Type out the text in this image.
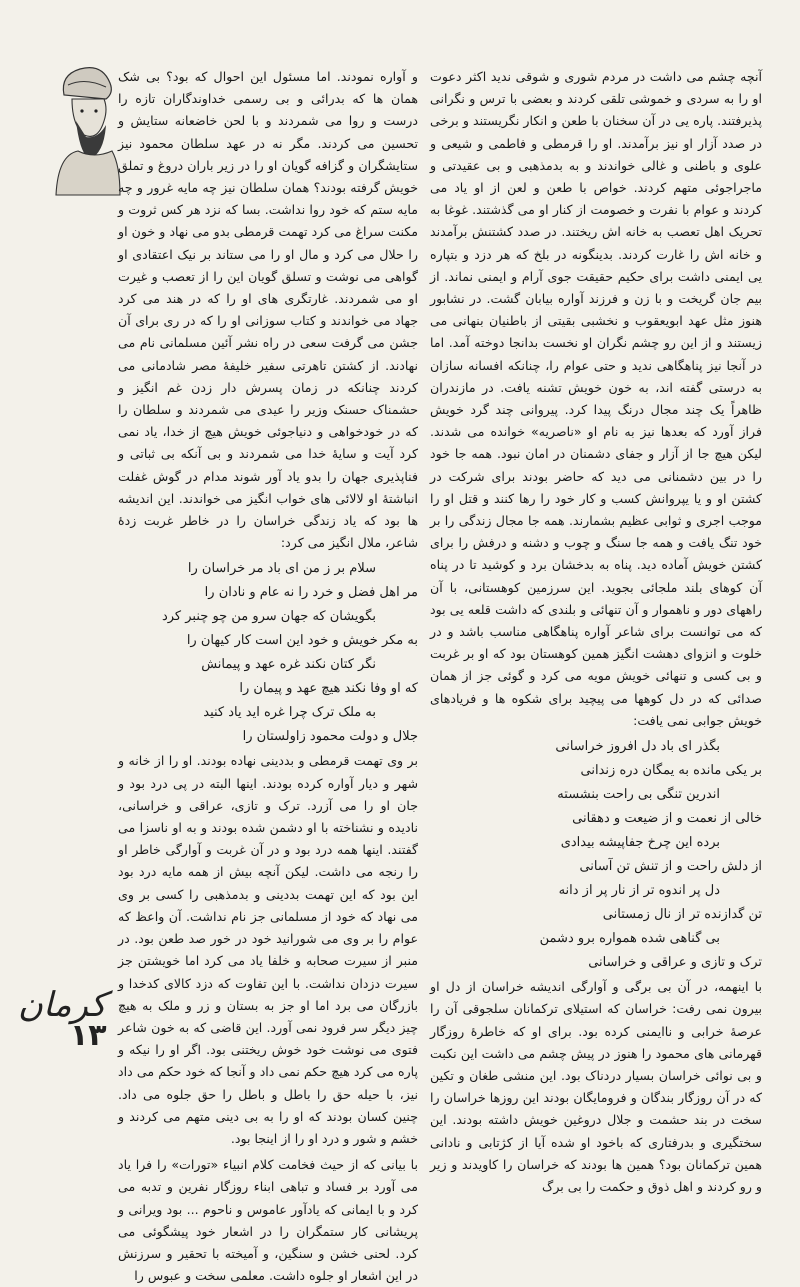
آنچه چشم می داشت در مردم شوری و شوقی ندید اکثر دعوت او را به سردی و خموشی تلقی کردند و بعضی با ترس و نگرانی پذیرفتند. پاره یی در آن سخنان با طعن و انکار نگریستند و برخی در صدد آزار او نیز برآمدند. او را قرمطی و فاطمی و شیعی و علوی و باطنی و غالی خواندند و به بدمذهبی و بی عقیدتی و ماجراجوئی متهم کردند. خواص با طعن و لعن از او یاد می کردند و عوام با نفرت و خصومت از کنار او می گذشتند. غوغا به تحریک اهل تعصب به خانه اش ریختند. در صدد کشتنش برآمدند و خانه اش را غارت کردند. بدینگونه در بلخ که هر دزد و بتپاره یی ایمنی داشت برای حکیم حقیقت جوی آرام و ایمنی نماند. از بیم جان گریخت و با زن و فرزند آواره بیابان گشت. در نشابور هنوز مثل عهد ابویعقوب و نخشبی بقیتی از باطنیان بنهانی می زیستند و از این رو چشم نگران او نخست بدانجا دوخته آمد. اما در آنجا نیز پناهگاهی ندید و حتی عوام را، چنانکه افسانه سازان به درستی گفته اند، به خون خویش تشنه یافت. در مازندران ظاهراً یک چند مجال درنگ پیدا کرد. پیروانی چند گرد خویش فراز آورد که بعدها نیز به نام او «ناصریه» خوانده می شدند. لیکن هیچ جا از آزار و جفای دشمنان در امان نبود. همه جا خود را در بین دشمنانی می دید که حاضر بودند برای شرکت در کشتن او و یا یپروانش کسب و کار خود را رها کنند و قتل او را موجب اجری و ثوابی عظیم بشمارند. همه جا مجال زندگی را بر خود تنگ یافت و همه جا سنگ و چوب و دشنه و درفش را برای کشتن خویش آماده دید. پناه به بدخشان برد و کوشید تا در پناه آن کوهای بلند ملجائی بجوید. این سرزمین کوهستانی، با آن راههای دور و ناهموار و آن تنهائی و بلندی که داشت قلعه یی بود که می توانست برای شاعر آواره پناهگاهی مناسب باشد و در خلوت و انزوای دهشت انگیز همین کوهستان بود که او بر غربت و بی کسی و تنهائی خویش مویه می کرد و گوئی جز از همان صدائی که در دل کوهها می پیچید برای شکوه ها و فریادهای خویش جوابی نمی یافت:

بگذر ای باد دل افروز خراسانی
بر یکی مانده به یمگان دره زندانی
اندرین تنگی بی راحت بنشسته
خالی از نعمت و از ضیعت و دهقانی
برده این چرخ جفاپیشه بیدادی
از دلش راحت و از تنش تن آسانی
دل پر اندوه تر از نار پر از دانه
تن گدازنده تر از نال زمستانی
بی گناهی شده همواره برو دشمن
ترک و تازی و عراقی و خراسانی

با اینهمه، در آن بی برگی و آوارگی اندیشه خراسان از دل او بیرون نمی رفت: خراسان که استیلای ترکمانان سلجوقی آن را عرصهٔ خرابی و ناایمنی کرده بود. برای او که خاطرهٔ روزگار قهرمانی های محمود را هنوز در پیش چشم می داشت این نکبت و بی نوائی خراسان بسیار دردناک بود. این منشی طغان و تکین که در آن روزگار بندگان و فرومایگان بودند این روزها خراسان را سخت در بند حشمت و جلال دروغین خویش داشته بودند. این سختگیری و بدرفتاری که باخود او شده آیا از کژتابی و نادانی همین ترکمانان بود؟ همین ها بودند که خراسان را کاویدند و زیر و رو کردند و اهل ذوق و حکمت را بی برگ

و آواره نمودند. اما مسئول این احوال که بود؟ بی شک همان ها که بدرائی و بی رسمی خداوندگاران تازه را درست و روا می شمردند و با لحن خاضعانه ستایش و تحسین می کردند. مگر نه در عهد سلطان محمود نیز ستایشگران و گزافه گویان او را در زیر باران دروغ و تملق خویش گرفته بودند؟ همان سلطان نیز چه مایه غرور و چه مایه ستم که خود روا نداشت. بسا که نزد هر کس ثروت و مکنت سراغ می کرد تهمت قرمطی بدو می نهاد و خون او را حلال می کرد و مال او را می ستاند بر نیک اعتقادی او گواهی می نوشت و تسلق گویان این را از تعصب و غیرت او می شمردند. غارتگری های او را که در هند می کرد جهاد می خواندند و کتاب سوزانی او را که در ری برای آن جشن می گرفت سعی در راه نشر آئین مسلمانی نام می نهادند. از کشتن تاهرتی سفیر خلیفهٔ مصر شادمانی می کردند چنانکه در زمان پسرش دار زدن غم انگیز و حشمناک حسنک وزیر را عیدی می شمردند و سلطان را که در خودخواهی و دنیاجوئی خویش هیچ از خدا، یاد نمی کرد آیت و سایهٔ خدا می شمردند و بی آنکه بی ثباتی و فناپذیری جهان را بدو یاد آور شوند مدام در گوش غفلت انباشتهٔ او لالائی های خواب انگیز می خواندند. این اندیشه ها بود که یاد زندگی خراسان را در خاطر غربت زدهٔ شاعر، ملال انگیز می کرد:

سلام بر ز من ای باد مر خراسان را
مر اهل فضل و خرد را نه عام و نادان را
بگویشان که جهان سرو من چو چنبر کرد
به مکر خویش و خود این است کار کیهان را
نگر کتان نکند غره عهد و پیمانش
که او وفا نکند هیچ عهد و پیمان را
به ملک ترک چرا غره اید یاد کنید
جلال و دولت محمود زاولستان را

بر وی تهمت قرمطی و بددینی نهاده بودند. او را از خانه و شهر و دیار آواره کرده بودند. اینها البته در پی درد بود و جان او را می آزرد. ترک و تازی، عراقی و خراسانی، نادیده و نشناخته با او دشمن شده بودند و به او ناسزا می گفتند. اینها همه درد بود و در آن غربت و آوارگی خاطر او را رنجه می داشت. لیکن آنچه بیش از همه مایه درد بود این بود که این تهمت بددینی و بدمذهبی را کسی بر وی می نهاد که خود از مسلمانی جز نام نداشت. آن واعظ که عوام را بر وی می شورانید خود در خور صد طعن بود. در منبر از سیرت صحابه و خلفا یاد می کرد اما خویشتن جز سیرت دزدان نداشت. با این تفاوت که دزد کالای کدخدا و بازرگان می برد اما او جز به بستان و زر و ملک به هیچ چیز دیگر سر فرود نمی آورد. این قاضی که به خون شاعر فتوی می نوشت خود خوش ریختنی بود. اگر او را نیکه و پاره می کرد هیچ حکم نمی داد و آنجا که خود حکم می داد نیز، با حیله حق را باطل و باطل را حق جلوه می داد. چنین کسان بودند که او را به بی دینی متهم می کردند و خشم و شور و درد او را از اینجا بود.

با بیانی که از حیث فخامت کلام انبیاء «تورات» را فرا یاد می آورد بر فساد و تباهی ابناء روزگار نفرین و تدبه می کرد و با ایمانی که یادآور عاموس و ناحوم ... بود ویرانی و پریشانی کار ستمگران را در اشعار خود پیشگوئی می کرد. لحنی خشن و سنگین، و آمیخته با تحقیر و سرزنش در این اشعار او جلوه داشت. معلمی سخت و عبوس را

کرمان
۱۳
